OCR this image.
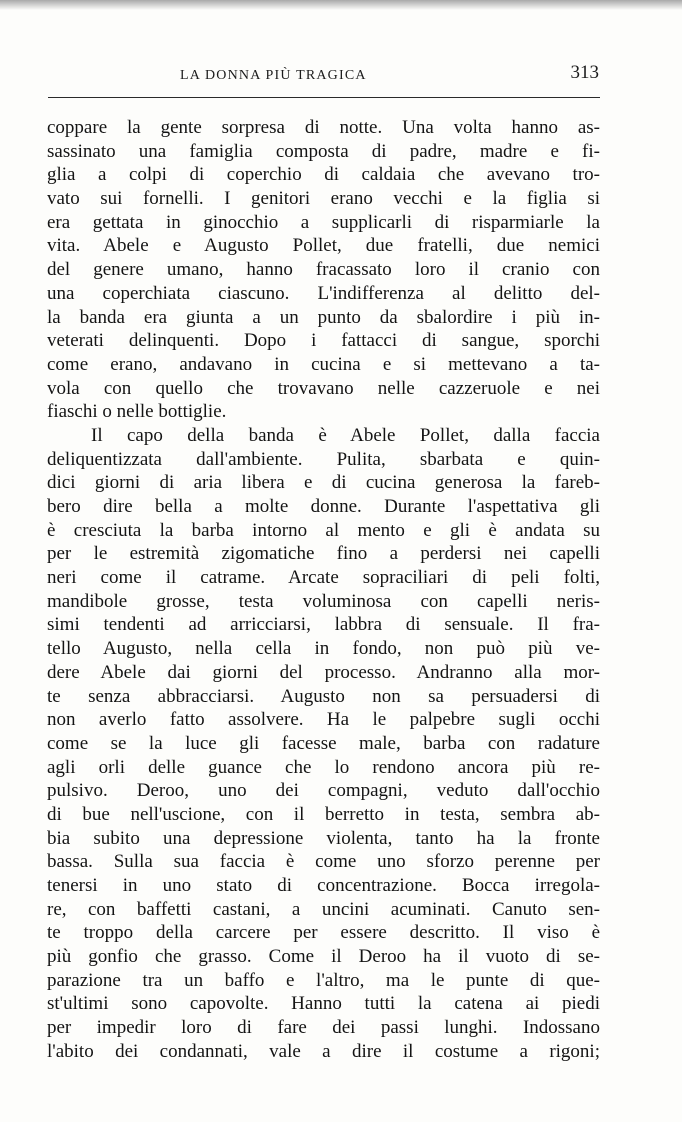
LA DONNA PIÙ TRAGICA	313
coppare la gente sorpresa di notte. Una volta hanno as-
sassinato una famiglia composta di padre, madre e fi-
glia a colpi di coperchio di caldaia che avevano tro-
vato sui fornelli. I genitori erano vecchi e la figlia si
era gettata in ginocchio a supplicarli di risparmiarle la
vita. Abele e Augusto Pollet, due fratelli, due nemici
del genere umano, hanno fracassato loro il cranio con
una coperchiata ciascuno. L'indifferenza al delitto del-
la banda era giunta a un punto da sbalordire i più in-
veterati delinquenti. Dopo i fattacci di sangue, sporchi
come erano, andavano in cucina e si mettevano a ta-
vola con quello che trovavano nelle cazzeruole e nei
fiaschi o nelle bottiglie.
Il capo della banda è Abele Pollet, dalla faccia
deliquentizzata dall'ambiente. Pulita, sbarbata e quin-
dici giorni di aria libera e di cucina generosa la fareb-
bero dire bella a molte donne. Durante l'aspettativa gli
è cresciuta la barba intorno al mento e gli è andata su
per le estremità zigomatiche fino a perdersi nei capelli
neri come il catrame. Arcate sopraciliari di peli folti,
mandibole grosse, testa voluminosa con capelli neris-
simi tendenti ad arricciarsi, labbra di sensuale. Il fra-
tello Augusto, nella cella in fondo, non può più ve-
dere Abele dai giorni del processo. Andranno alla mor-
te senza abbracciarsi. Augusto non sa persuadersi di
non averlo fatto assolvere. Ha le palpebre sugli occhi
come se la luce gli facesse male, barba con radature
agli orli delle guance che lo rendono ancora più re-
pulsivo. Deroo, uno dei compagni, veduto dall'occhio
di bue nell'uscione, con il berretto in testa, sembra ab-
bia subito una depressione violenta, tanto ha la fronte
bassa. Sulla sua faccia è come uno sforzo perenne per
tenersi in uno stato di concentrazione. Bocca irregola-
re, con baffetti castani, a uncini acuminati. Canuto sen-
te troppo della carcere per essere descritto. Il viso è
più gonfio che grasso. Come il Deroo ha il vuoto di se-
parazione tra un baffo e l'altro, ma le punte di que-
st'ultimi sono capovolte. Hanno tutti la catena ai piedi
per impedir loro di fare dei passi lunghi. Indossano
l'abito dei condannati, vale a dire il costume a rigoni;
